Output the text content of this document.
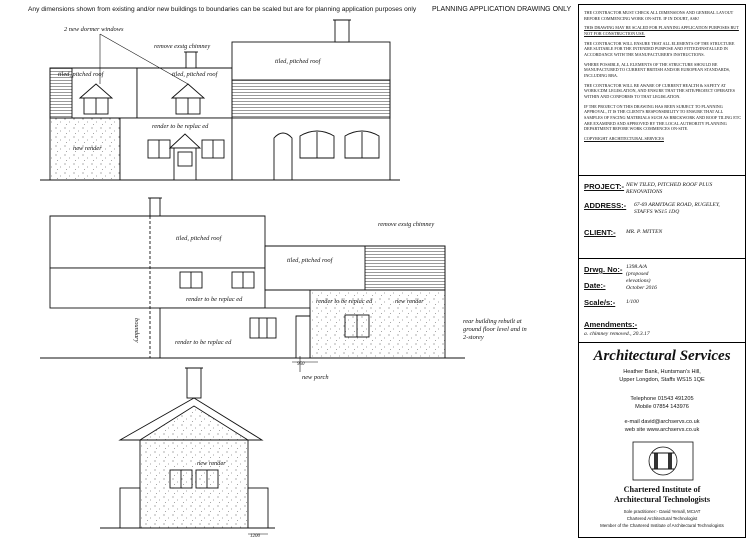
Any dimensions shown from existing and/or new buildings to boundaries can be scaled but are for planning application purposes only PLANNING APPLICATION DRAWING ONLY
2 new dormer windows
remove exstg chimney
tiled, pitched roof	tiled, pitched roof
tiled, pitched roof
render to be replac ed
new render
remove exstg chimney
tiled, pitched roof
tiled, pitched roof
render to be replac ed	render to be replac ed
render to be replac ed
new render
boundary	rear building rebuilt at
ground floor level and in
2-storey
950
new porch
new render
1200

THE CONTRACTOR MUST CHECK ALL DIMENSIONS AND GENERAL LAYOUT BEFORE COMMENCING WORK ON-SITE. IF IN DOUBT, ASK!

THIS DRAWING MAY BE SCALED FOR PLANNING APPLICATION PURPOSES BUT NOT FOR CONSTRUCTION USE.

THE CONTRACTOR WILL ENSURE THAT ALL ELEMENTS OF THE STRUCTURE ARE SUITABLE FOR THE INTENDED PURPOSE AND FITTED/INSTALLED IN ACCORDANCE WITH THE MANUFACTURER'S INSTRUCTIONS.

WHERE POSSIBLE, ALL ELEMENTS OF THE STRUCTURE SHOULD BE MANUFACTURED TO CURRENT BRITISH AND/OR EUROPEAN STANDARDS, INCLUDING BBA.

THE CONTRACTOR WILL BE AWARE OF CURRENT HEALTH & SAFETY AT WORK/CDM LEGISLATION, AND ENSURE THAT THE SITE/PROJECT OPERATES WITHIN AND CONFORMS TO THAT LEGISLATION.

IF THE PROJECT ON THIS DRAWING HAS BEEN SUBJECT TO PLANNING APPROVAL, IT IS THE CLIENT'S RESPONSIBILITY TO ENSURE THAT ALL SAMPLES OF FACING MATERIALS SUCH AS BRICKWORK AND ROOF TILING ETC ARE EXAMINED AND APPROVED BY THE LOCAL AUTHORITY PLANNING DEPARTMENT BEFORE WORK COMMENCES ON-SITE.

COPYRIGHT ARCHITECTURAL SERVICES

PROJECT:- NEW TILED, PITCHED ROOF PLUS RENOVATIONS
ADDRESS:- 67-69 ARMITAGE ROAD, RUGELEY, STAFFS WS15 1DQ
CLIENT:- MR. P. MITTEN
Drwg. No:- 1398.A/A
(proposed elevations)
Date:-	October 2016
Scale/s:- 1/100
Amendments:-
a. chimney removed., 20.3.17
Architectural Services
Heather Bank, Huntsman's Hill,
Upper Longdon, Staffs WS15 1QE
Telephone 01543 491205
Mobile 07854 143976
e-mail david@archservs.co.uk
web site www.archservs.co.uk
Chartered Institute of
Architectural Technologists
Sole practitioner:- David Yemall, MCIAT
Chartered Architectural Technologist
Member of the Chartered Institute of Architectural Technologists
